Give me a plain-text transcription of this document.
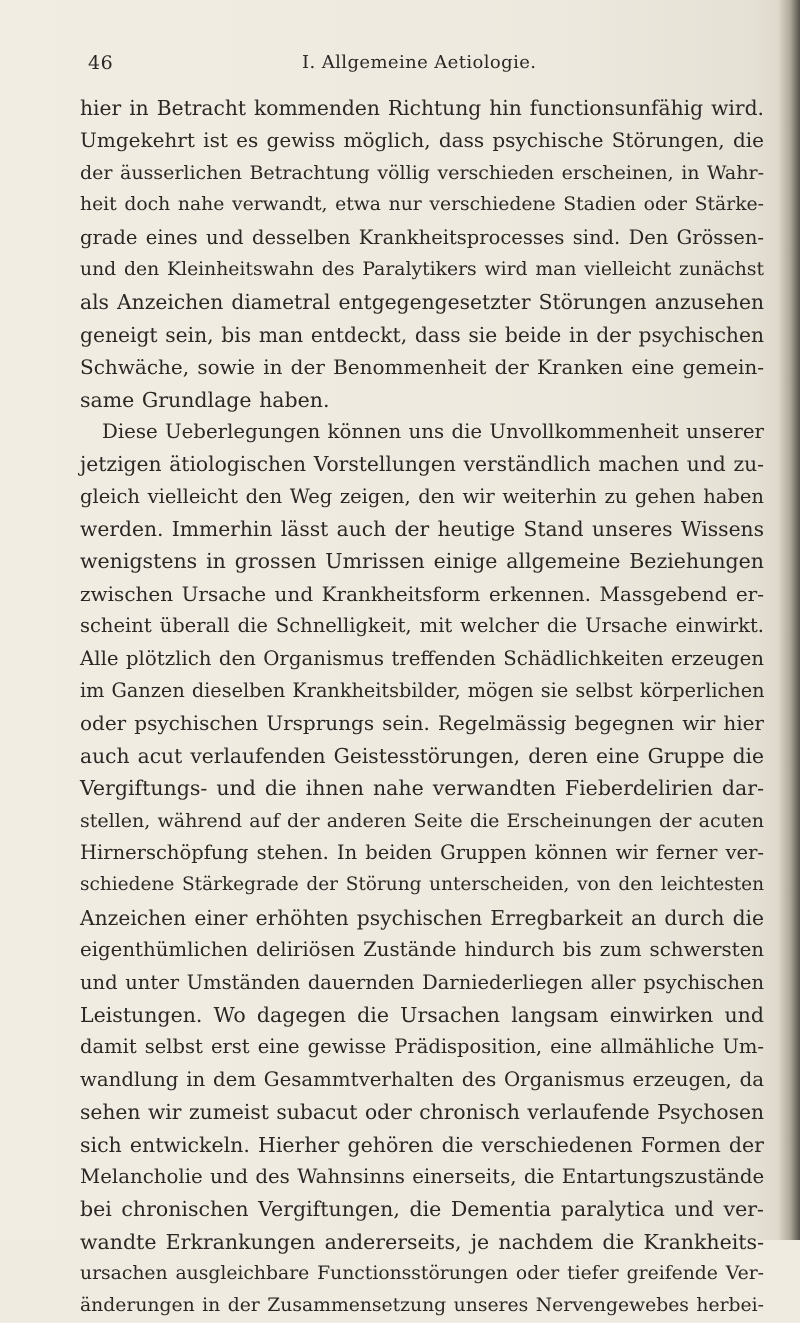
46	I. Allgemeine Aetiologie.
hier in Betracht kommenden Richtung hin functionsunfähig wird.
Umgekehrt ist es gewiss möglich, dass psychische Störungen, die
der äusserlichen Betrachtung völlig verschieden erscheinen, in Wahr-
heit doch nahe verwandt, etwa nur verschiedene Stadien oder Stärke-
grade eines und desselben Krankheitsprocesses sind. Den Grössen-
und den Kleinheitswahn des Paralytikers wird man vielleicht zunächst
als Anzeichen diametral entgegengesetzter Störungen anzusehen
geneigt sein, bis man entdeckt, dass sie beide in der psychischen
Schwäche, sowie in der Benommenheit der Kranken eine gemein-
same Grundlage haben.
Diese Ueberlegungen können uns die Unvollkommenheit unserer
jetzigen ätiologischen Vorstellungen verständlich machen und zu-
gleich vielleicht den Weg zeigen, den wir weiterhin zu gehen haben
werden. Immerhin lässt auch der heutige Stand unseres Wissens
wenigstens in grossen Umrissen einige allgemeine Beziehungen
zwischen Ursache und Krankheitsform erkennen. Massgebend er-
scheint überall die Schnelligkeit, mit welcher die Ursache einwirkt.
Alle plötzlich den Organismus treffenden Schädlichkeiten erzeugen
im Ganzen dieselben Krankheitsbilder, mögen sie selbst körperlichen
oder psychischen Ursprungs sein. Regelmässig begegnen wir hier
auch acut verlaufenden Geistesstörungen, deren eine Gruppe die
Vergiftungs- und die ihnen nahe verwandten Fieberdelirien dar-
stellen, während auf der anderen Seite die Erscheinungen der acuten
Hirnerschöpfung stehen. In beiden Gruppen können wir ferner ver-
schiedene Stärkegrade der Störung unterscheiden, von den leichtesten
Anzeichen einer erhöhten psychischen Erregbarkeit an durch die
eigenthümlichen deliriösen Zustände hindurch bis zum schwersten
und unter Umständen dauernden Darniederliegen aller psychischen
Leistungen. Wo dagegen die Ursachen langsam einwirken und
damit selbst erst eine gewisse Prädisposition, eine allmähliche Um-
wandlung in dem Gesammtverhalten des Organismus erzeugen, da
sehen wir zumeist subacut oder chronisch verlaufende Psychosen
sich entwickeln. Hierher gehören die verschiedenen Formen der
Melancholie und des Wahnsinns einerseits, die Entartungszustände
bei chronischen Vergiftungen, die Dementia paralytica und ver-
wandte Erkrankungen andererseits, je nachdem die Krankheits-
ursachen ausgleichbare Functionsstörungen oder tiefer greifende Ver-
änderungen in der Zusammensetzung unseres Nervengewebes herbei-
